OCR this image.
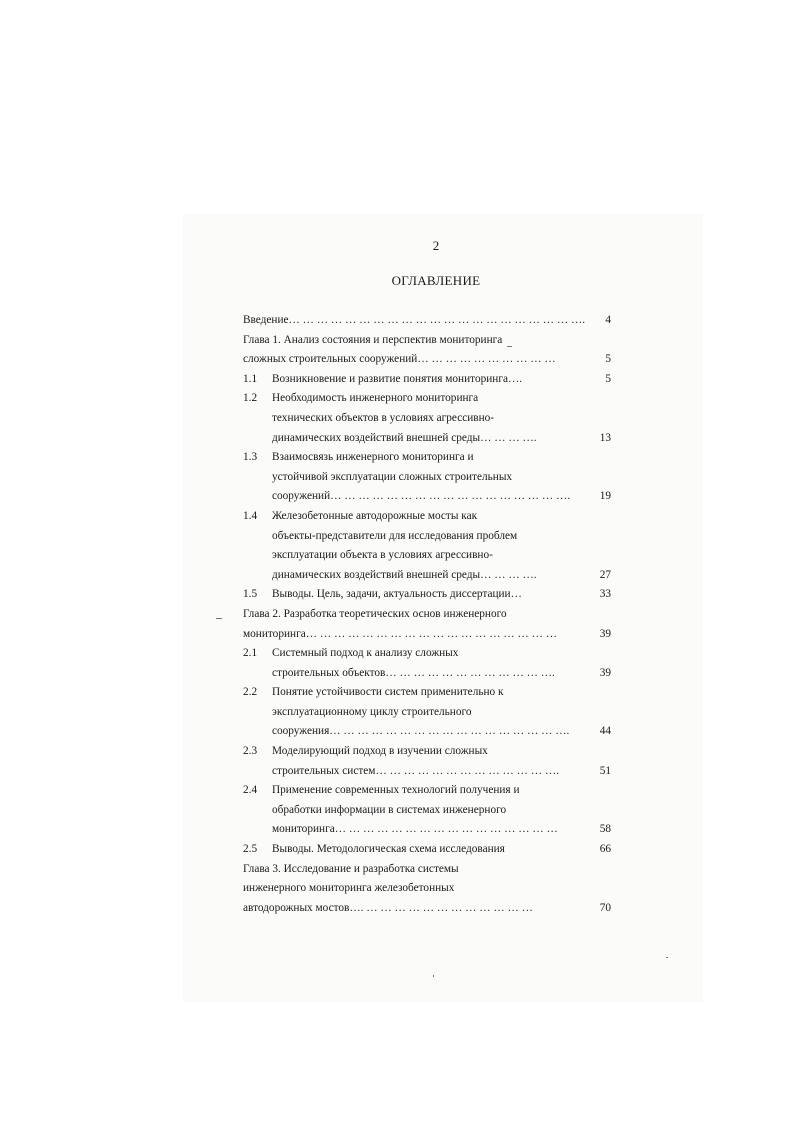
2
ОГЛАВЛЕНИЕ
Введение… … … … … … … … … … … … … … … … … … … … …. 4
Глава 1. Анализ состояния и перспектив мониторинга
сложных строительных сооружений… … … … … … … … … …	5
1.1 Возникновение и развитие понятия мониторинга….	5
1.2 Необходимость инженерного мониторинга
технических объектов в условиях агрессивно-
динамических воздействий внешней среды… … … ….	13
1.3 Взаимосвязь инженерного мониторинга и
устойчивой эксплуатации сложных строительных
сооружений… … … … … … … … … … … … … … … … ….	19
1.4 Железобетонные автодорожные мосты как
объекты-представители для исследования проблем
эксплуатации объекта в условиях агрессивно-
динамических воздействий внешней среды… … … ….	27
1.5 Выводы. Цель, задачи, актуальность диссертации…	33
Глава 2. Разработка теоретических основ инженерного
мониторинга… … … … … … … … … … … … … … … … … …	39
2.1 Системный подход к анализу сложных
строительных объектов… … … … … … … … … … … ….	39
2.2 Понятие устойчивости систем применительно к
эксплуатационному циклу строительного
сооружения… … … … … … … … … … … … … … … … ….	44
2.3 Моделирующий подход в изучении сложных
строительных систем… … … … … … … … … … … … ….	51
2.4 Применение современных технологий получения и
обработки информации в системах инженерного
мониторинга… … … … … … … … … … … … … … … …	58
2.5 Выводы. Методологическая схема исследования	66
Глава 3. Исследование и разработка системы
инженерного мониторинга железобетонных
автодорожных мостов…. … … … … … … … … … … … …	70
